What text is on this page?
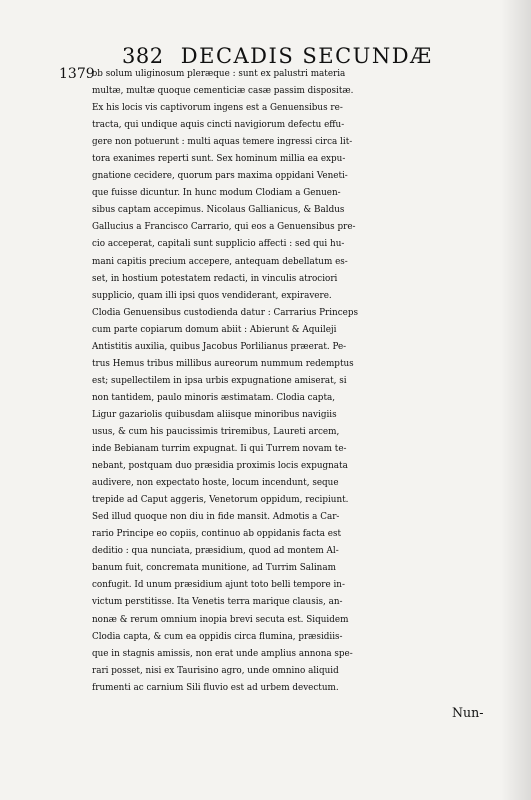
382 DECADIS SECUNDÆ
1379
ob solum uliginosum pleræque : sunt ex palustri materia
multæ, multæ quoque cementiciæ casæ passim dispositæ.
Ex his locis vis captivorum ingens est a Genuensibus re-
tracta, qui undique aquis cincti navigiorum defectu effu-
gere non potuerunt : multi aquas temere ingressi circa lit-
tora exanimes reperti sunt. Sex hominum millia ea expu-
gnatione cecidere, quorum pars maxima oppidani Veneti-
que fuisse dicuntur. In hunc modum Clodiam a Genuen-
sibus captam accepimus. Nicolaus Gallianicus, & Baldus
Gallucius a Francisco Carrario, qui eos a Genuensibus pre-
cio acceperat, capitali sunt supplicio affecti : sed qui hu-
mani capitis precium accepere, antequam debellatum es-
set, in hostium potestatem redacti, in vinculis atrociori
supplicio, quam illi ipsi quos vendiderant, expiravere.
Clodia Genuensibus custodienda datur : Carrarius Princeps
cum parte copiarum domum abiit : Abierunt & Aquileji
Antistitis auxilia, quibus Jacobus Porlilianus præerat. Pe-
trus Hemus tribus millibus aureorum nummum redemptus
est; supellectilem in ipsa urbis expugnatione amiserat, si
non tantidem, paulo minoris æstimatam. Clodia capta,
Ligur gazariolis quibusdam aliisque minoribus navigiis
usus, & cum his paucissimis triremibus, Laureti arcem,
inde Bebianam turrim expugnat. Ii qui Turrem novam te-
nebant, postquam duo præsidia proximis locis expugnata
audivere, non expectato hoste, locum incendunt, seque
trepide ad Caput aggeris, Venetorum oppidum, recipiunt.
Sed illud quoque non diu in fide mansit. Admotis a Car-
rario Principe eo copiis, continuo ab oppidanis facta est
deditio : qua nunciata, præsidium, quod ad montem Al-
banum fuit, concremata munitione, ad Turrim Salinam
confugit. Id unum præsidium ajunt toto belli tempore in-
victum perstitisse. Ita Venetis terra marique clausis, an-
nonæ & rerum omnium inopia brevi secuta est. Siquidem
Clodia capta, & cum ea oppidis circa flumina, præsidiis-
que in stagnis amissis, non erat unde amplius annona spe-
rari posset, nisi ex Taurisino agro, unde omnino aliquid
frumenti ac carnium Sili fluvio est ad urbem devectum.
Nun-
